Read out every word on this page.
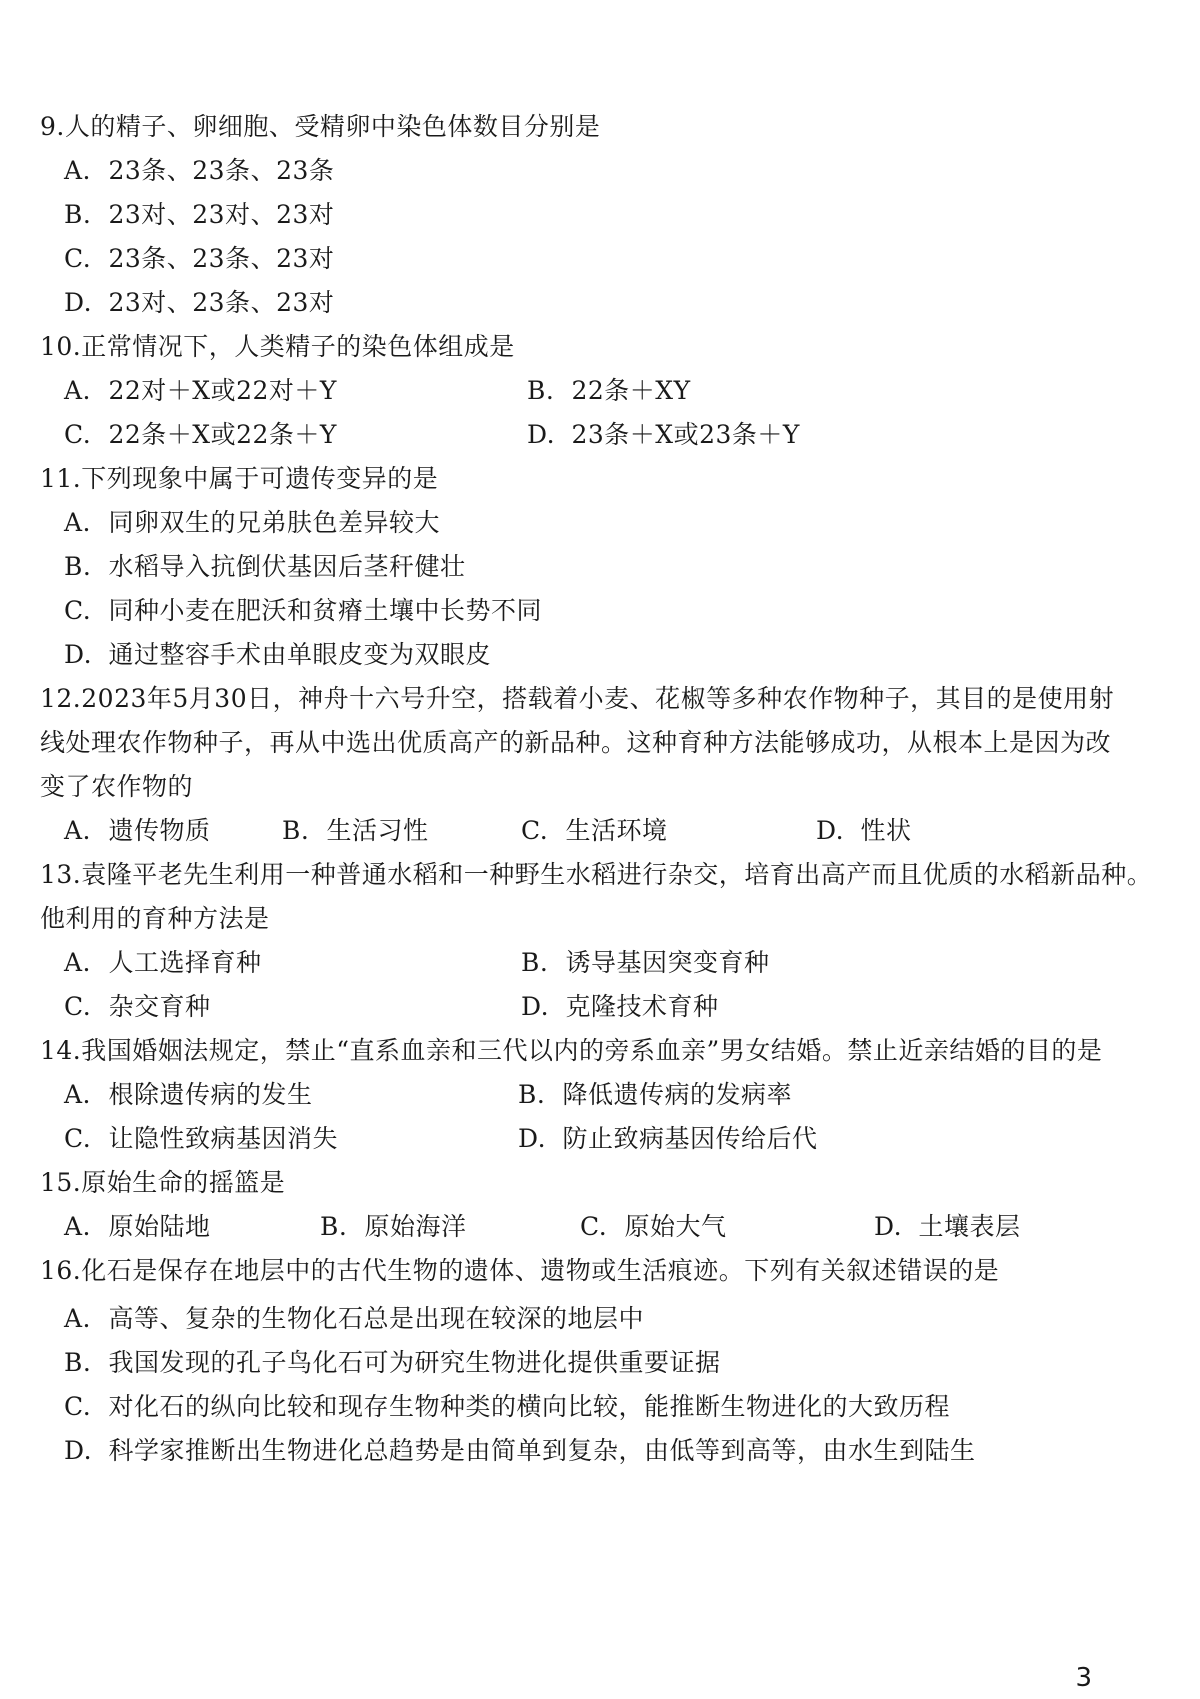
9.人的精子、卵细胞、受精卵中染色体数目分别是
A. 23条、23条、23条
B. 23对、23对、23对
C. 23条、23条、23对
D. 23对、23条、23对
10.正常情况下，人类精子的染色体组成是
A. 22对＋X或22对＋Y	B. 22条＋XY
C. 22条＋X或22条＋Y	D. 23条＋X或23条＋Y
11.下列现象中属于可遗传变异的是
A. 同卵双生的兄弟肤色差异较大
B. 水稻导入抗倒伏基因后茎秆健壮
C. 同种小麦在肥沃和贫瘠土壤中长势不同
D. 通过整容手术由单眼皮变为双眼皮
12.2023年5月30日，神舟十六号升空，搭载着小麦、花椒等多种农作物种子，其目的是使用射
线处理农作物种子，再从中选出优质高产的新品种。这种育种方法能够成功，从根本上是因为改
变了农作物的
A. 遗传物质	B. 生活习性	C. 生活环境	D. 性状
13.袁隆平老先生利用一种普通水稻和一种野生水稻进行杂交，培育出高产而且优质的水稻新品种。
他利用的育种方法是
A. 人工选择育种	B. 诱导基因突变育种
C. 杂交育种	D. 克隆技术育种
14.我国婚姻法规定，禁止“直系血亲和三代以内的旁系血亲”男女结婚。禁止近亲结婚的目的是
A. 根除遗传病的发生	B. 降低遗传病的发病率
C. 让隐性致病基因消失	D. 防止致病基因传给后代
15.原始生命的摇篮是
A. 原始陆地	B. 原始海洋	C. 原始大气	D. 土壤表层
16.化石是保存在地层中的古代生物的遗体、遗物或生活痕迹。下列有关叙述错误的是
A. 高等、复杂的生物化石总是出现在较深的地层中
B. 我国发现的孔子鸟化石可为研究生物进化提供重要证据
C. 对化石的纵向比较和现存生物种类的横向比较，能推断生物进化的大致历程
D. 科学家推断出生物进化总趋势是由简单到复杂，由低等到高等，由水生到陆生
3
